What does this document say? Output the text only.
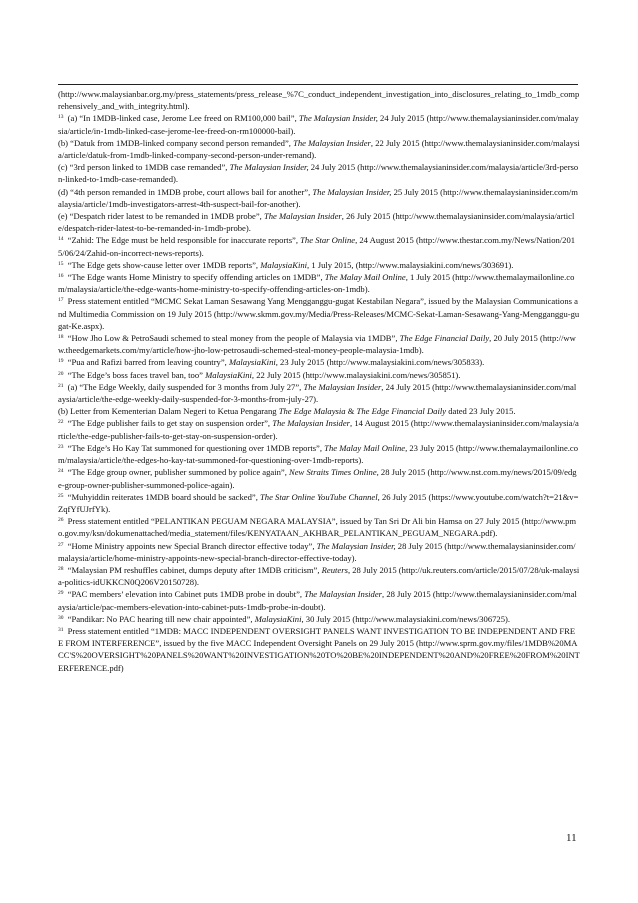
(http://www.malaysianbar.org.my/press_statements/press_release_%7C_conduct_independent_investigation_into_disclosures_relating_to_1mdb_comprehensively_and_with_integrity.html).

$^{13}$ (a) “In 1MDB-linked case, Jerome Lee freed on RM100,000 bail”, The Malaysian Insider, 24 July 2015 (http://www.themalaysianinsider.com/malaysia/article/in-1mdb-linked-case-jerome-lee-freed-on-rm100000-bail).

(b) “Datuk from 1MDB-linked company second person remanded”, The Malaysian Insider, 22 July 2015 (http://www.themalaysianinsider.com/malaysia/article/datuk-from-1mdb-linked-company-second-person-under-remand).

(c) “3rd person linked to 1MDB case remanded”, The Malaysian Insider, 24 July 2015 (http://www.themalaysianinsider.com/malaysia/article/3rd-person-linked-to-1mdb-case-remanded).

(d) “4th person remanded in 1MDB probe, court allows bail for another”, The Malaysian Insider, 25 July 2015 (http://www.themalaysianinsider.com/malaysia/article/1mdb-investigators-arrest-4th-suspect-bail-for-another).

(e) “Despatch rider latest to be remanded in 1MDB probe”, The Malaysian Insider, 26 July 2015 (http://www.themalaysianinsider.com/malaysia/article/despatch-rider-latest-to-be-remanded-in-1mdb-probe).

$^{14}$ “Zahid: The Edge must be held responsible for inaccurate reports”, The Star Online, 24 August 2015 (http://www.thestar.com.my/News/Nation/2015/06/24/Zahid-on-incorrect-news-reports).

$^{15}$ “The Edge gets show-cause letter over 1MDB reports”, MalaysiaKini, 1 July 2015, (http://www.malaysiakini.com/news/303691).

$^{16}$ “The Edge wants Home Ministry to specify offending articles on 1MDB”, The Malay Mail Online, 1 July 2015 (http://www.themalaymailonline.com/malaysia/article/the-edge-wants-home-ministry-to-specify-offending-articles-on-1mdb).

$^{17}$ Press statement entitled “MCMC Sekat Laman Sesawang Yang Mengganggu-gugat Kestabilan Negara”, issued by the Malaysian Communications and Multimedia Commission on 19 July 2015 (http://www.skmm.gov.my/Media/Press-Releases/MCMC-Sekat-Laman-Sesawang-Yang-Mengganggu-gugat-Ke.aspx).

$^{18}$ “How Jho Low & PetroSaudi schemed to steal money from the people of Malaysia via 1MDB”, The Edge Financial Daily, 20 July 2015 (http://www.theedgemarkets.com/my/article/how-jho-low-petrosaudi-schemed-steal-money-people-malaysia-1mdb).

$^{19}$ “Pua and Rafizi barred from leaving country”, MalaysiaKini, 23 July 2015 (http://www.malaysiakini.com/news/305833).

$^{20}$ “The Edge’s boss faces travel ban, too” MalaysiaKini, 22 July 2015 (http://www.malaysiakini.com/news/305851).

$^{21}$ (a) “The Edge Weekly, daily suspended for 3 months from July 27”, The Malaysian Insider, 24 July 2015 (http://www.themalaysianinsider.com/malaysia/article/the-edge-weekly-daily-suspended-for-3-months-from-july-27).

(b) Letter from Kementerian Dalam Negeri to Ketua Pengarang The Edge Malaysia & The Edge Financial Daily dated 23 July 2015.

$^{22}$ “The Edge publisher fails to get stay on suspension order”, The Malaysian Insider, 14 August 2015 (http://www.themalaysianinsider.com/malaysia/article/the-edge-publisher-fails-to-get-stay-on-suspension-order).

$^{23}$ “The Edge’s Ho Kay Tat summoned for questioning over 1MDB reports”, The Malay Mail Online, 23 July 2015 (http://www.themalaymailonline.com/malaysia/article/the-edges-ho-kay-tat-summoned-for-questioning-over-1mdb-reports).

$^{24}$ “The Edge group owner, publisher summoned by police again”, New Straits Times Online, 28 July 2015 (http://www.nst.com.my/news/2015/09/edge-group-owner-publisher-summoned-police-again).

$^{25}$ “Muhyiddin reiterates 1MDB board should be sacked”, The Star Online YouTube Channel, 26 July 2015 (https://www.youtube.com/watch?t=21&v=ZqfYfUJrfYk).

$^{26}$ Press statement entitled “PELANTIKAN PEGUAM NEGARA MALAYSIA”, issued by Tan Sri Dr Ali bin Hamsa on 27 July 2015 (http://www.pmo.gov.my/ksn/dokumenattached/media_statement/files/KENYATAAN_AKHBAR_PELANTIKAN_PEGUAM_NEGARA.pdf).

$^{27}$ “Home Ministry appoints new Special Branch director effective today”, The Malaysian Insider, 28 July 2015 (http://www.themalaysianinsider.com/malaysia/article/home-ministry-appoints-new-special-branch-director-effective-today).

$^{28}$ “Malaysian PM reshuffles cabinet, dumps deputy after 1MDB criticism”, Reuters, 28 July 2015 (http://uk.reuters.com/article/2015/07/28/uk-malaysia-politics-idUKKCN0Q206V20150728).

$^{29}$ “PAC members’ elevation into Cabinet puts 1MDB probe in doubt”, The Malaysian Insider, 28 July 2015 (http://www.themalaysianinsider.com/malaysia/article/pac-members-elevation-into-cabinet-puts-1mdb-probe-in-doubt).

$^{30}$ “Pandikar: No PAC hearing till new chair appointed”, MalaysiaKini, 30 July 2015 (http://www.malaysiakini.com/news/306725).

$^{31}$ Press statement entitled “1MDB: MACC INDEPENDENT OVERSIGHT PANELS WANT INVESTIGATION TO BE INDEPENDENT AND FREE FROM INTERFERENCE”, issued by the five MACC Independent Oversight Panels on 29 July 2015 (http://www.sprm.gov.my/files/1MDB%20MACC'S%20OVERSIGHT%20PANELS%20WANT%20INVESTIGATION%20TO%20BE%20INDEPENDENT%20AND%20FREE%20FROM%20INTERFERENCE.pdf)

11
